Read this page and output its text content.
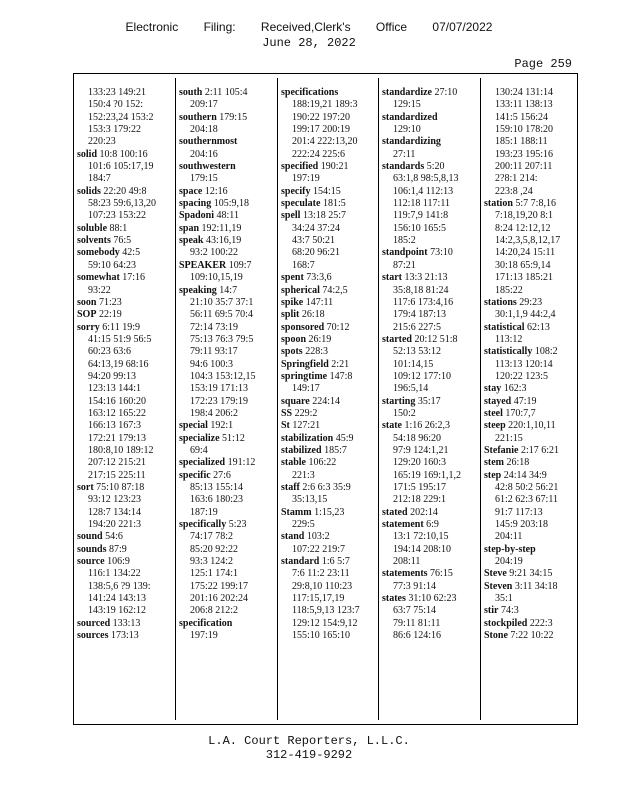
Electronic Filing: Received,Clerk's Office 07/07/2022
June 28, 2022
Page 259
133:23 149:21
150:4 ?0 152:
152:23,24 153:2
153:3 179:22
220:23
solid 10:8 100:16
101:6 105:17,19
184:7
solids 22:20 49:8
58:23 59:6,13,20
107:23 153:22
soluble 88:1
solvents 76:5
somebody 42:5
59:10 64:23
somewhat 17:16
93:22
soon 71:23
SOP 22:19
sorry 6:11 19:9
41:15 51:9 56:5
60:23 63:6
64:13,19 68:16
94:20 99:13
123:13 144:1
154:16 160:20
163:12 165:22
166:13 167:3
172:21 179:13
180:8,10 189:12
207:12 215:21
217:15 225:11
sort 75:10 87:18
93:12 123:23
128:7 134:14
194:20 221:3
sound 54:6
sounds 87:9
source 106:9
116:1 134:22
138:5,6 ?9 139:
141:24 143:13
143:19 162:12
sourced 133:13
sources 173:13
south 2:11 105:4
209:17
southern 179:15
204:18
southernmost
204:16
southwestern
179:15
space 12:16
spacing 105:9,18
Spadoni 48:11
span 192:11,19
speak 43:16,19
93:2 100:22
SPEAKER 109:7
109:10,15,19
speaking 14:7
21:10 35:7 37:1
56:11 69:5 70:4
72:14 73:19
75:13 76:3 79:5
79:11 93:17
94:6 100:3
104:3 153:12,15
153:19 171:13
172:23 179:19
198:4 206:2
special 192:1
specialize 51:12
69:4
specialized 191:12
specific 27:6
85:13 155:14
163:6 180:23
187:19
specifically 5:23
74:17 78:2
85:20 92:22
93:3 124:2
125:1 174:1
175:22 199:17
201:16 202:24
206:8 212:2
specification
197:19
specifications
188:19,21 189:3
190:22 197:20
199:17 200:19
201:4 222:13,20
222:24 225:6
specified 190:21
197:19
specify 154:15
speculate 181:5
spell 13:18 25:7
34:24 37:24
43:7 50:21
68:20 96:21
168:7
spent 73:3,6
spherical 74:2,5
spike 147:11
split 26:18
sponsored 70:12
spoon 26:19
spots 228:3
Springfield 2:21
springtime 147:8
149:17
square 224:14
SS 229:2
St 127:21
stabilization 45:9
stabilized 185:7
stable 106:22
221:3
staff 2:6 6:3 35:9
35:13,15
Stamm 1:15,23
229:5
stand 103:2
107:22 219:7
standard 1:6 5:7
7:6 11:2 23:11
29:8,10 110:23
117:15,17,19
118:5,9,13 123:7
129:12 154:9,12
155:10 165:10
standardize 27:10
129:15
standardized
129:10
standardizing
27:11
standards 5:20
63:1,8 98:5,8,13
106:1,4 112:13
112:18 117:11
119:7,9 141:8
156:10 165:5
185:2
standpoint 73:10
87:21
start 13:3 21:13
35:8,18 81:24
117:6 173:4,16
179:4 187:13
215:6 227:5
started 20:12 51:8
52:13 53:12
101:14,15
109:12 177:10
196:5,14
starting 35:17
150:2
state 1:16 26:2,3
54:18 96:20
97:9 124:1,21
129:20 160:3
165:19 169:1,1,2
171:5 195:17
212:18 229:1
stated 202:14
statement 6:9
13:1 72:10,15
194:14 208:10
208:11
statements 76:15
77:3 91:14
states 31:10 62:23
63:7 75:14
79:11 81:11
86:6 124:16
130:24 131:14
133:11 138:13
141:5 156:24
159:10 178:20
185:1 188:11
193:23 195:16
200:11 207:11
2?8:1 214:
223:8 ,24
station 5:7 7:8,16
7:18,19,20 8:1
8:24 12:12,12
14:2,3,5,8,12,17
14:20,24 15:11
30:18 65:9,14
171:13 185:21
185:22
stations 29:23
30:1,1,9 44:2,4
statistical 62:13
113:12
statistically 108:2
113:13 120:14
120:22 123:5
stay 162:3
stayed 47:19
steel 170:7,7
steep 220:1,10,11
221:15
Stefanie 2:17 6:21
stem 26:18
step 24:14 34:9
42:8 50:2 56:21
61:2 62:3 67:11
91:7 117:13
145:9 203:18
204:11
step-by-step
204:19
Steve 9:21 34:15
Steven 3:11 34:18
35:1
stir 74:3
stockpiled 222:3
Stone 7:22 10:22
L.A. Court Reporters, L.L.C.
312-419-9292
